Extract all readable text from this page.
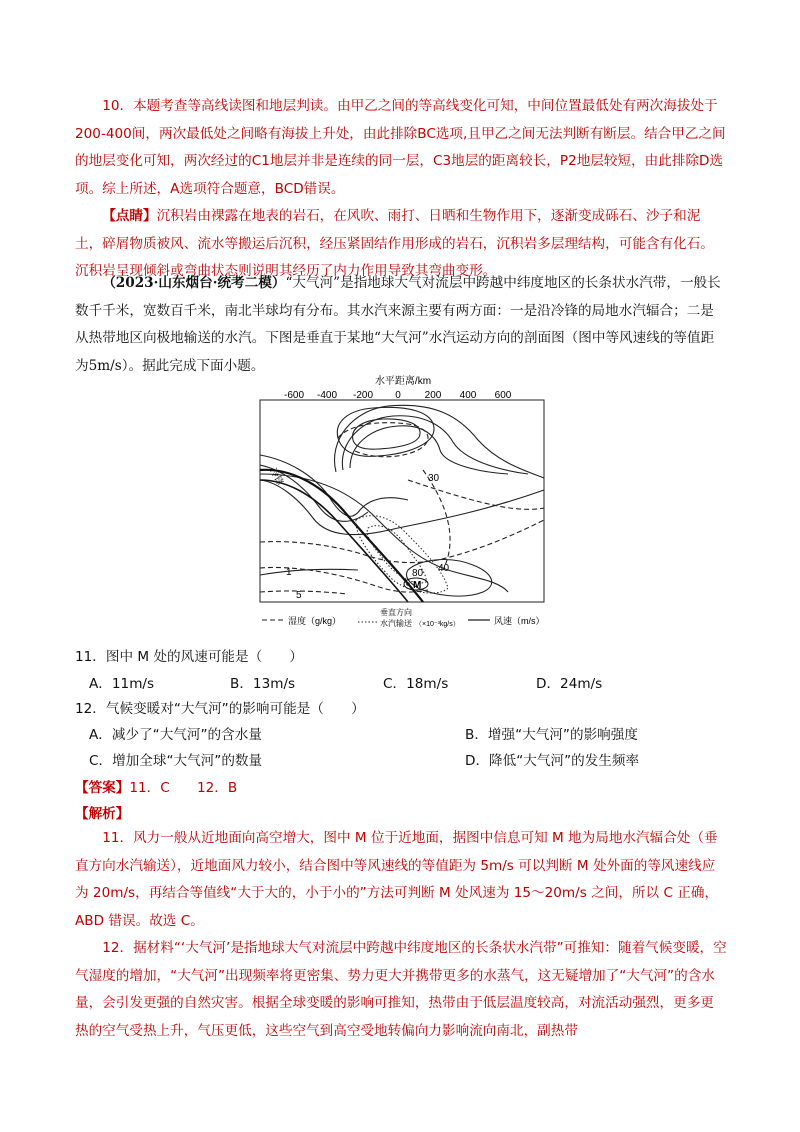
10．本题考查等高线读图和地层判读。由甲乙之间的等高线变化可知，中间位置最低处有两次海拔处于200-400间，两次最低处之间略有海拔上升处，由此排除BC选项,且甲乙之间无法判断有断层。结合甲乙之间的地层变化可知，两次经过的C1地层并非是连续的同一层，C3地层的距离较长，P2地层较短，由此排除D选项。综上所述，A选项符合题意，BCD错误。
【点睛】沉积岩由裸露在地表的岩石，在风吹、雨打、日晒和生物作用下，逐渐变成砾石、沙子和泥土，碎屑物质被风、流水等搬运后沉积，经压紧固结作用形成的岩石，沉积岩多层理结构，可能含有化石。沉积岩呈现倾斜或弯曲状态则说明其经历了内力作用导致其弯曲变形。
（2023·山东烟台·统考二模）“大气河”是指地球大气对流层中跨越中纬度地区的长条状水汽带，一般长数千千米，宽数百千米，南北半球均有分布。其水汽来源主要有两方面：一是沿冷锋的局地水汽辐合；二是从热带地区向极地输送的水汽。下图是垂直于某地“大气河”水汽运动方向的剖面图（图中等风速线的等值距为5m/s）。据此完成下面小题。
水平距离/km
-600 -400 -200 0 200 400 600
30
40
80
1
5
冷锋
M
湿度（g/kg）
垂直方向
水汽输送 （×10⁻³kg/s）	风速（m/s）
11．图中 M 处的风速可能是（　　）
A．11m/s	B．13m/s	C．18m/s	D．24m/s
12．气候变暖对“大气河”的影响可能是（　　）
A．减少了“大气河”的含水量	B．增强“大气河”的影响强度
C．增加全球“大气河”的数量	D．降低“大气河”的发生频率
【答案】11．C　　12．B
【解析】
11．风力一般从近地面向高空增大，图中 M 位于近地面，据图中信息可知 M 地为局地水汽辐合处（垂直方向水汽输送），近地面风力较小，结合图中等风速线的等值距为 5m/s 可以判断 M 处外面的等风速线应为 20m/s，再结合等值线“大于大的，小于小的”方法可判断 M 处风速为 15～20m/s 之间，所以 C 正确，ABD 错误。故选 C。
12．据材料“‘大气河’是指地球大气对流层中跨越中纬度地区的长条状水汽带”可推知：随着气候变暖，空气湿度的增加，“大气河”出现频率将更密集、势力更大并携带更多的水蒸气，这无疑增加了“大气河”的含水量，会引发更强的自然灾害。根据全球变暖的影响可推知，热带由于低层温度较高，对流活动强烈，更多更热的空气受热上升，气压更低，这些空气到高空受地转偏向力影响流向南北，副热带
